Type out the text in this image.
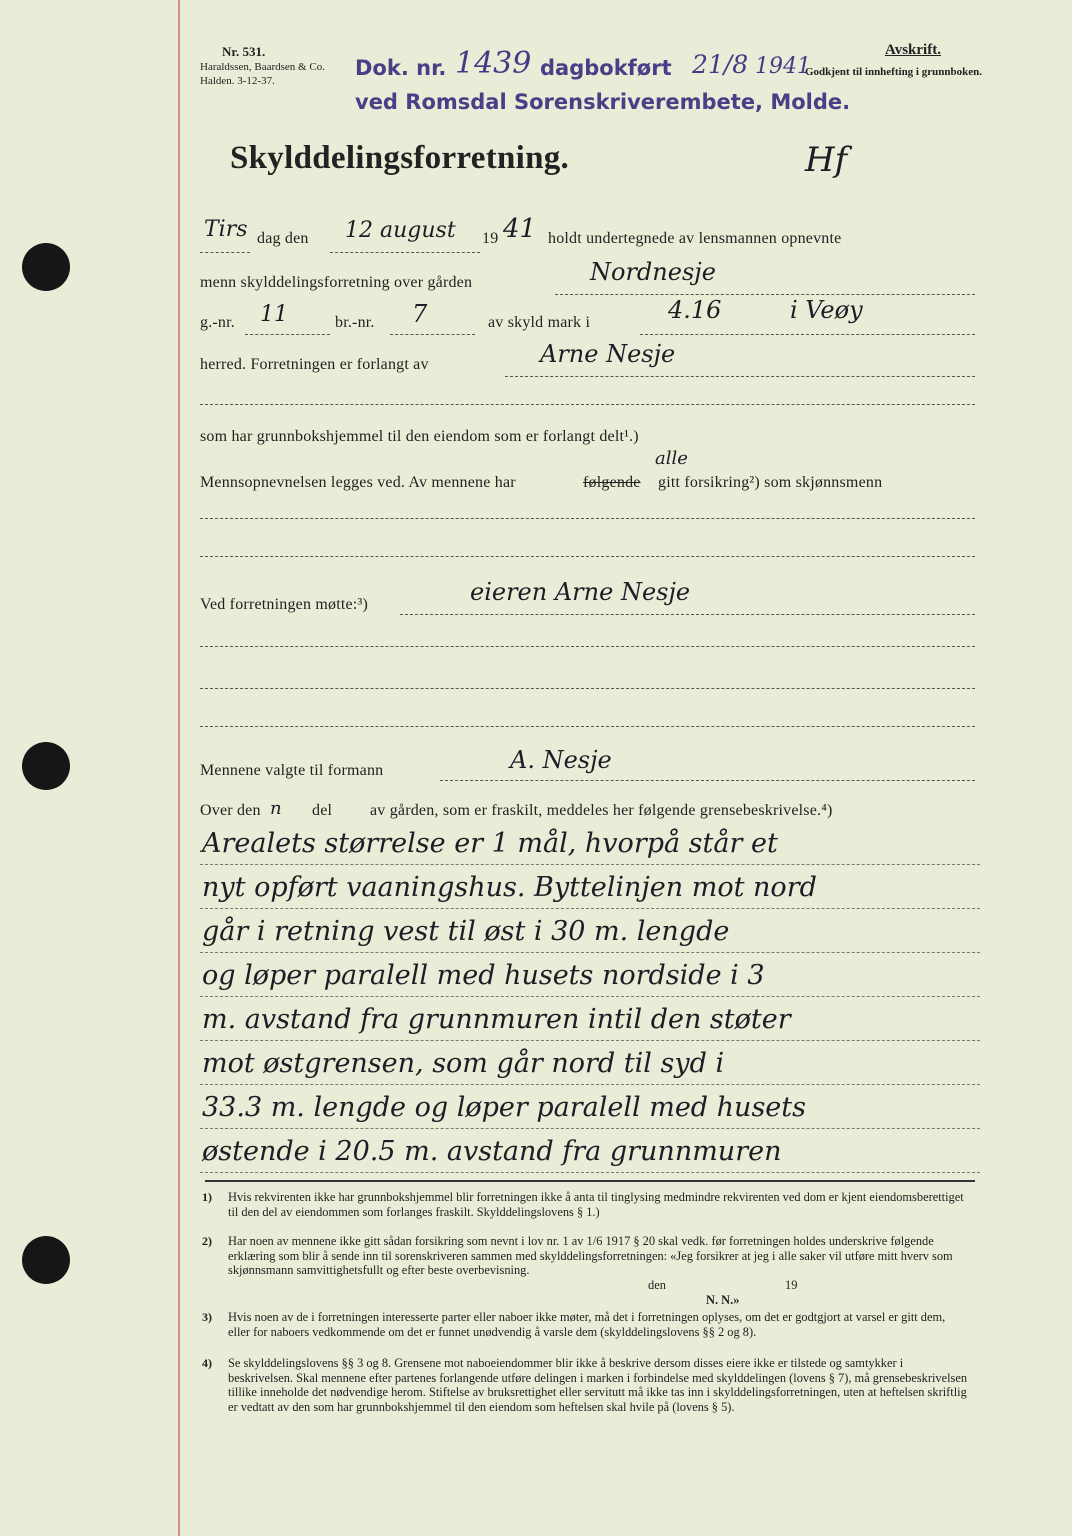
Nr. 531.
Haraldssen, Baardsen & Co.
Halden. 3-12-37.
Dok. nr. 1439 dagbokført 21/8 1941
Avskrift.
Godkjent til innhefting i grunnboken.
ved Romsdal Sorenskriverembete, Molde.
Skylddelingsforretning.	Hf
Tirs dag den 12 august 19 41 holdt undertegnede av lensmannen opnevnte
menn skylddelingsforretning over gården	Nordnesje
g.-nr. 11	br.-nr. 7	av skyld mark i	4.16	i Veøy
herred. Forretningen er forlangt av	Arne Nesje
som har grunnbokshjemmel til den eiendom som er forlangt delt¹.)
alle
Mennsopnevnelsen legges ved. Av mennene har	følgende gitt forsikring²) som skjønnsmenn
Ved forretningen møtte:³)	eieren Arne Nesje
Mennene valgte til formann	A. Nesje
Over den n del av gården, som er fraskilt, meddeles her følgende grensebeskrivelse.⁴)
Arealets størrelse er 1 mål, hvorpå står et
nyt opført vaaningshus. Byttelinjen mot nord
går i retning vest til øst i 30 m. lengde
og løper paralell med husets nordside i 3
m. avstand fra grunnmuren intil den støter
mot østgrensen, som går nord til syd i
33.3 m. lengde og løper paralell med husets
østende i 20.5 m. avstand fra grunnmuren
1) Hvis rekvirenten ikke har grunnbokshjemmel blir forretningen ikke å anta til tinglysing medmindre rekvirenten ved dom er kjent eiendomsberettiget til den del av eiendommen som forlanges fraskilt. Skylddelingslovens § 1.)
2) Har noen av mennene ikke gitt sådan forsikring som nevnt i lov nr. 1 av 1/6 1917 § 20 skal vedk. før forretningen holdes underskrive følgende erklæring som blir å sende inn til sorenskriveren sammen med skylddelingsforretningen: «Jeg forsikrer at jeg i alle saker vil utføre mitt hverv som skjønnsmann samvittighetsfullt og efter beste overbevisning.
den	19
N. N.»
3) Hvis noen av de i forretningen interesserte parter eller naboer ikke møter, må det i forretningen oplyses, om det er godtgjort at varsel er gitt dem, eller for naboers vedkommende om det er funnet unødvendig å varsle dem (skylddelingslovens §§ 2 og 8).
4) Se skylddelingslovens §§ 3 og 8. Grensene mot naboeiendommer blir ikke å beskrive dersom disses eiere ikke er tilstede og samtykker i beskrivelsen. Skal mennene efter partenes forlangende utføre delingen i marken i forbindelse med skylddelingen (lovens § 7), må grensebeskrivelsen tillike inneholde det nødvendige herom. Stiftelse av bruksrettighet eller servitutt må ikke tas inn i skylddelingsforretningen, uten at heftelsen skriftlig er vedtatt av den som har grunnbokshjemmel til den eiendom som heftelsen skal hvile på (lovens § 5).
